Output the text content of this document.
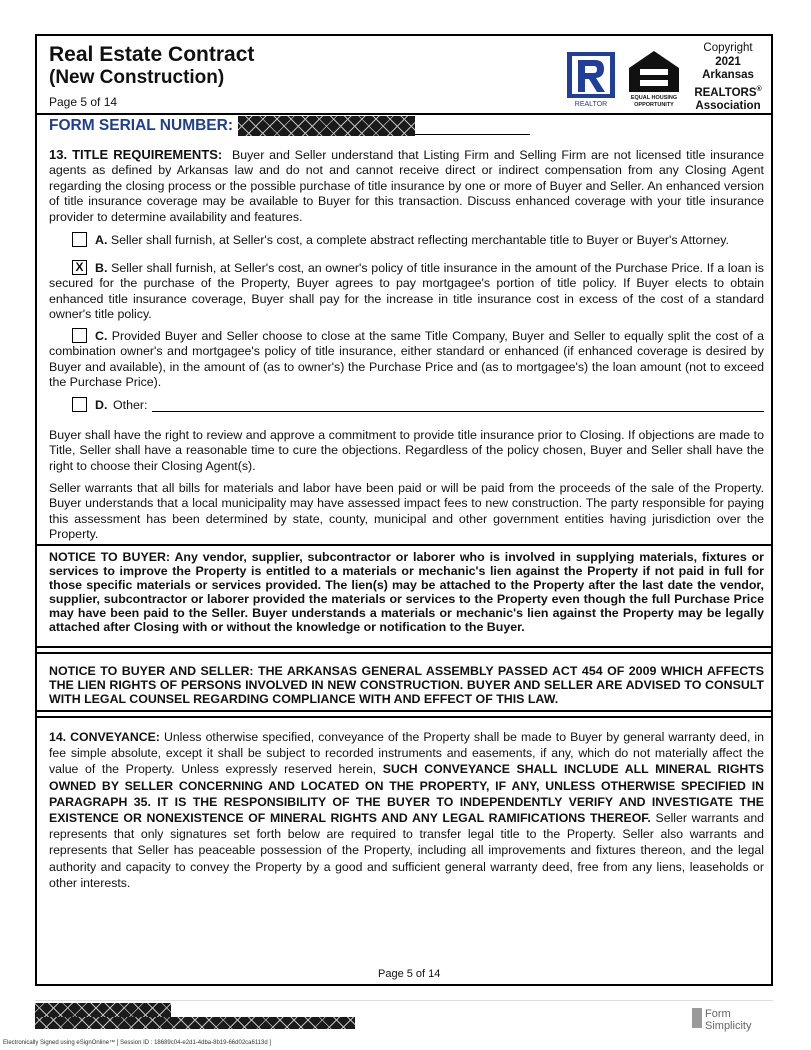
Real Estate Contract
(New Construction)
Page 5 of 14	REALTOR
EQUAL HOUSING
OPPORTUNITY
Copyright
2021
Arkansas
REALTORS®
Association
FORM SERIAL NUMBER:

13. TITLE REQUIREMENTS: Buyer and Seller understand that Listing Firm and Selling Firm are not licensed title insurance agents as defined by Arkansas law and do not and cannot receive direct or indirect compensation from any Closing Agent regarding the closing process or the possible purchase of title insurance by one or more of Buyer and Seller. An enhanced version of title insurance coverage may be available to Buyer for this transaction. Discuss enhanced coverage with your title insurance provider to determine availability and features.

A. Seller shall furnish, at Seller's cost, a complete abstract reflecting merchantable title to Buyer or Buyer's Attorney.

X B. Seller shall furnish, at Seller's cost, an owner's policy of title insurance in the amount of the Purchase Price. If a loan is secured for the purchase of the Property, Buyer agrees to pay mortgagee's portion of title policy. If Buyer elects to obtain enhanced title insurance coverage, Buyer shall pay for the increase in title insurance cost in excess of the cost of a standard owner's title policy.

C. Provided Buyer and Seller choose to close at the same Title Company, Buyer and Seller to equally split the cost of a combination owner's and mortgagee's policy of title insurance, either standard or enhanced (if enhanced coverage is desired by Buyer and available), in the amount of (as to owner's) the Purchase Price and (as to mortgagee's) the loan amount (not to exceed the Purchase Price).

D. Other:

Buyer shall have the right to review and approve a commitment to provide title insurance prior to Closing. If objections are made to Title, Seller shall have a reasonable time to cure the objections. Regardless of the policy chosen, Buyer and Seller shall have the right to choose their Closing Agent(s).

Seller warrants that all bills for materials and labor have been paid or will be paid from the proceeds of the sale of the Property. Buyer understands that a local municipality may have assessed impact fees to new construction. The party responsible for paying this assessment has been determined by state, county, municipal and other government entities having jurisdiction over the Property.

NOTICE TO BUYER: Any vendor, supplier, subcontractor or laborer who is involved in supplying materials, fixtures or services to improve the Property is entitled to a materials or mechanic's lien against the Property if not paid in full for those specific materials or services provided. The lien(s) may be attached to the Property after the last date the vendor, supplier, subcontractor or laborer provided the materials or services to the Property even though the full Purchase Price may have been paid to the Seller. Buyer understands a materials or mechanic's lien against the Property may be legally attached after Closing with or without the knowledge or notification to the Buyer.

NOTICE TO BUYER AND SELLER: THE ARKANSAS GENERAL ASSEMBLY PASSED ACT 454 OF 2009 WHICH AFFECTS THE LIEN RIGHTS OF PERSONS INVOLVED IN NEW CONSTRUCTION. BUYER AND SELLER ARE ADVISED TO CONSULT WITH LEGAL COUNSEL REGARDING COMPLIANCE WITH AND EFFECT OF THIS LAW.

14. CONVEYANCE: Unless otherwise specified, conveyance of the Property shall be made to Buyer by general warranty deed, in fee simple absolute, except it shall be subject to recorded instruments and easements, if any, which do not materially affect the value of the Property. Unless expressly reserved herein, SUCH CONVEYANCE SHALL INCLUDE ALL MINERAL RIGHTS OWNED BY SELLER CONCERNING AND LOCATED ON THE PROPERTY, IF ANY, UNLESS OTHERWISE SPECIFIED IN PARAGRAPH 35. IT IS THE RESPONSIBILITY OF THE BUYER TO INDEPENDENTLY VERIFY AND INVESTIGATE THE EXISTENCE OR NONEXISTENCE OF MINERAL RIGHTS AND ANY LEGAL RAMIFICATIONS THEREOF. Seller warrants and represents that only signatures set forth below are required to transfer legal title to the Property. Seller also warrants and represents that Seller has peaceable possession of the Property, including all improvements and fixtures thereon, and the legal authority and capacity to convey the Property by a good and sufficient general warranty deed, free from any liens, leaseholds or other interests.

Page 5 of 14
Form
Simplicity
Electronically Signed using eSignOnline™ [ Session ID : 18689c04-e2d1-4dba-8b19-66d02ca6113d ]
